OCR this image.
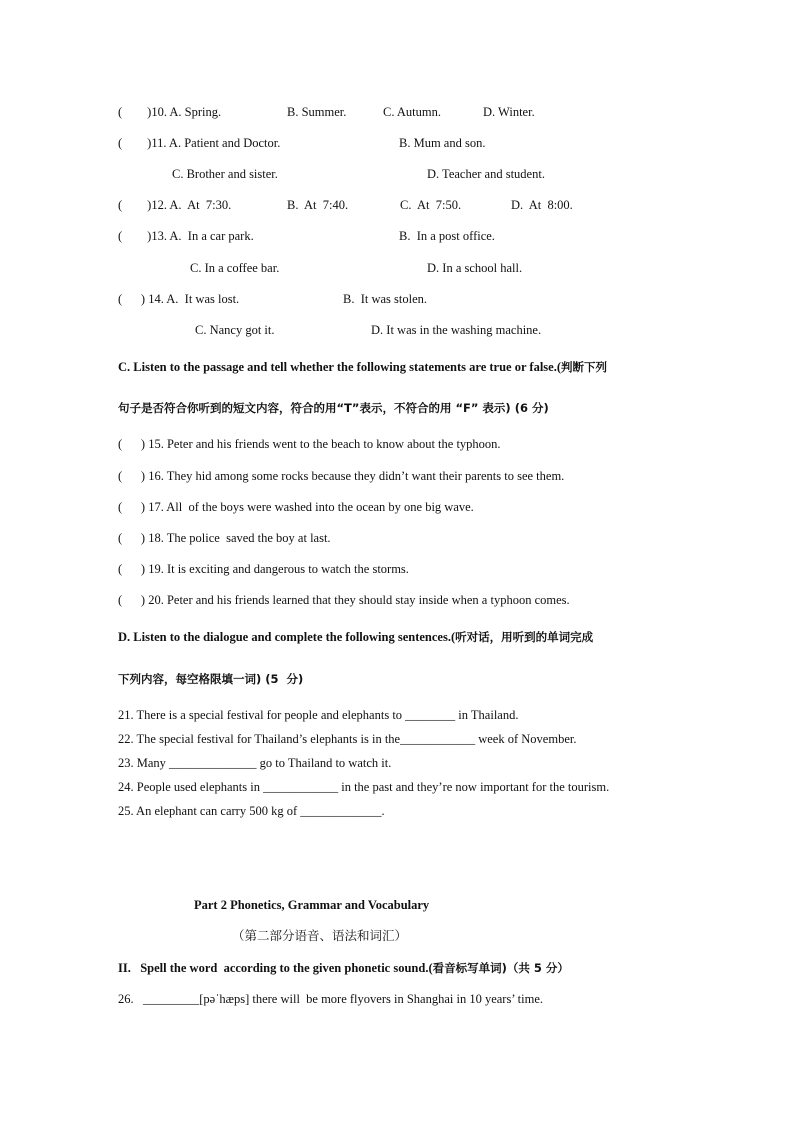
(        )10. A. Spring.	B. Summer.	C. Autumn.	D. Winter.
(        )11. A. Patient and Doctor.	B. Mum and son.
C. Brother and sister.	D. Teacher and student.
(        )12. A.  At  7:30.	B.  At  7:40.	C.  At  7:50.	D.  At  8:00.
(        )13. A.  In a car park.	B.  In a post office.
C. In a coffee bar.	D. In a school hall.
(      ) 14. A.  It was lost.	B.  It was stolen.
C. Nancy got it.	D. It was in the washing machine.
C. Listen to the passage and tell whether the following statements are true or false.(判断下列
句子是否符合你听到的短文内容，符合的用“T”表示，不符合的用 “F” 表示) (6 分)
(      ) 15. Peter and his friends went to the beach to know about the typhoon.
(      ) 16. They hid among some rocks because they didn’t want their parents to see them.
(      ) 17. All  of the boys were washed into the ocean by one big wave.
(      ) 18. The police  saved the boy at last.
(      ) 19. It is exciting and dangerous to watch the storms.
(      ) 20. Peter and his friends learned that they should stay inside when a typhoon comes.
D. Listen to the dialogue and complete the following sentences.(听对话，用听到的单词完成
下列内容，每空格限填一词) (5  分)
21. There is a special festival for people and elephants to ________ in Thailand.
22. The special festival for Thailand’s elephants is in the____________ week of November.
23. Many ______________ go to Thailand to watch it.
24. People used elephants in ____________ in the past and they’re now important for the tourism.
25. An elephant can carry 500 kg of _____________.
Part 2 Phonetics, Grammar and Vocabulary
（第二部分语音、语法和词汇）
II.   Spell the word  according to the given phonetic sound.(看音标写单词)（共 5 分）
26.   _________[pəˈhæps] there will  be more flyovers in Shanghai in 10 years’ time.
